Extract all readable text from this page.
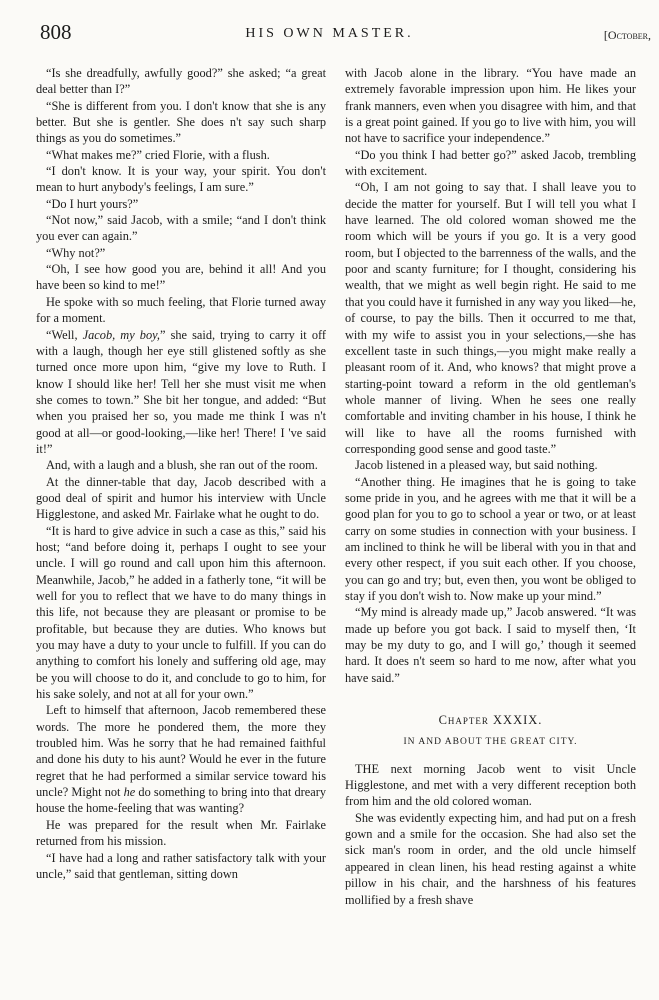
808	HIS OWN MASTER.	[October,

“Is she dreadfully, awfully good?” she asked; “a great deal better than I?”

“She is different from you. I don't know that she is any better. But she is gentler. She does n't say such sharp things as you do sometimes.”

“What makes me?” cried Florie, with a flush.

“I don't know. It is your way, your spirit. You don't mean to hurt anybody's feelings, I am sure.”

“Do I hurt yours?”

“Not now,” said Jacob, with a smile; “and I don't think you ever can again.”

“Why not?”

“Oh, I see how good you are, behind it all! And you have been so kind to me!”

He spoke with so much feeling, that Florie turned away for a moment.

“Well, Jacob, my boy,” she said, trying to carry it off with a laugh, though her eye still glistened softly as she turned once more upon him, “give my love to Ruth. I know I should like her! Tell her she must visit me when she comes to town.” She bit her tongue, and added: “But when you praised her so, you made me think I was n't good at all—or good-looking,—like her! There! I 've said it!”

And, with a laugh and a blush, she ran out of the room.

At the dinner-table that day, Jacob described with a good deal of spirit and humor his interview with Uncle Higglestone, and asked Mr. Fairlake what he ought to do.

“It is hard to give advice in such a case as this,” said his host; “and before doing it, perhaps I ought to see your uncle. I will go round and call upon him this afternoon. Meanwhile, Jacob,” he added in a fatherly tone, “it will be well for you to reflect that we have to do many things in this life, not because they are pleasant or promise to be profitable, but because they are duties. Who knows but you may have a duty to your uncle to fulfill. If you can do anything to comfort his lonely and suffering old age, may be you will choose to do it, and conclude to go to him, for his sake solely, and not at all for your own.”

Left to himself that afternoon, Jacob remembered these words. The more he pondered them, the more they troubled him. Was he sorry that he had remained faithful and done his duty to his aunt? Would he ever in the future regret that he had performed a similar service toward his uncle? Might not he do something to bring into that dreary house the home-feeling that was wanting?

He was prepared for the result when Mr. Fairlake returned from his mission.

“I have had a long and rather satisfactory talk with your uncle,” said that gentleman, sitting down

with Jacob alone in the library. “You have made an extremely favorable impression upon him. He likes your frank manners, even when you disagree with him, and that is a great point gained. If you go to live with him, you will not have to sacrifice your independence.”

“Do you think I had better go?” asked Jacob, trembling with excitement.

“Oh, I am not going to say that. I shall leave you to decide the matter for yourself. But I will tell you what I have learned. The old colored woman showed me the room which will be yours if you go. It is a very good room, but I objected to the barrenness of the walls, and the poor and scanty furniture; for I thought, considering his wealth, that we might as well begin right. He said to me that you could have it furnished in any way you liked—he, of course, to pay the bills. Then it occurred to me that, with my wife to assist you in your selections,—she has excellent taste in such things,—you might make really a pleasant room of it. And, who knows? that might prove a starting-point toward a reform in the old gentleman's whole manner of living. When he sees one really comfortable and inviting chamber in his house, I think he will like to have all the rooms furnished with corresponding good sense and good taste.”

Jacob listened in a pleased way, but said nothing.

“Another thing. He imagines that he is going to take some pride in you, and he agrees with me that it will be a good plan for you to go to school a year or two, or at least carry on some studies in connection with your business. I am inclined to think he will be liberal with you in that and every other respect, if you suit each other. If you choose, you can go and try; but, even then, you wont be obliged to stay if you don't wish to. Now make up your mind.”

“My mind is already made up,” Jacob answered. “It was made up before you got back. I said to myself then, ‘It may be my duty to go, and I will go,’ though it seemed hard. It does n't seem so hard to me now, after what you have said.”

Chapter XXXIX.
IN AND ABOUT THE GREAT CITY.

THE next morning Jacob went to visit Uncle Higglestone, and met with a very different reception both from him and the old colored woman.

She was evidently expecting him, and had put on a fresh gown and a smile for the occasion. She had also set the sick man's room in order, and the old uncle himself appeared in clean linen, his head resting against a white pillow in his chair, and the harshness of his features mollified by a fresh shave
